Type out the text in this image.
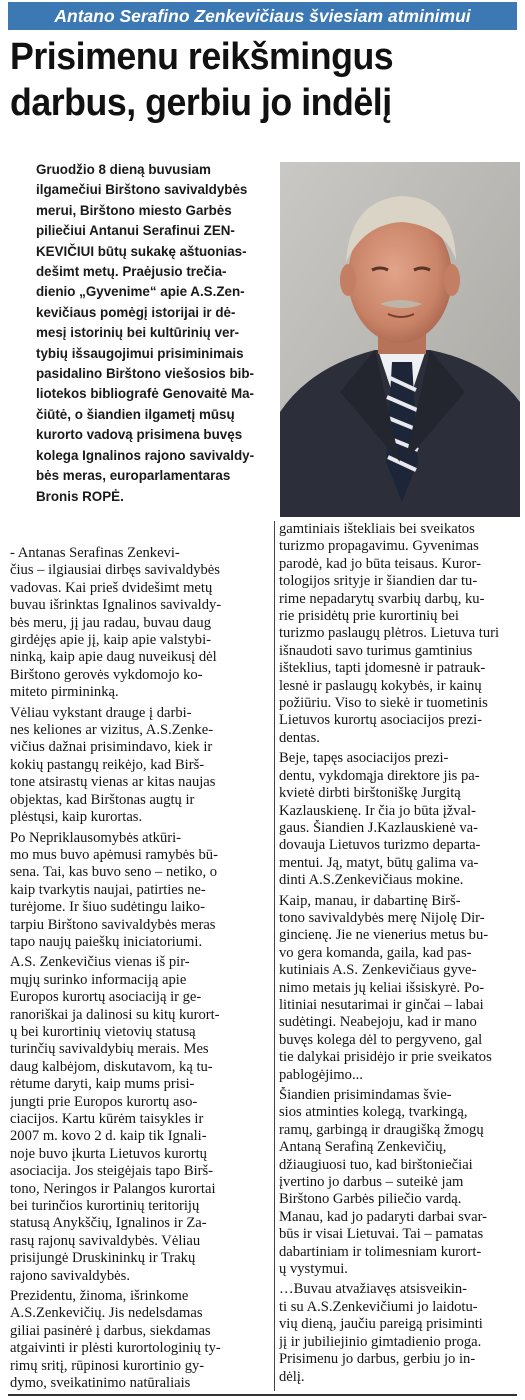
Antano Serafino Zenkevičiaus šviesiam atminimui
Prisimenu reikšmingus
darbus, gerbiu jo indėlį
Gruodžio 8 dieną buvusiam
ilgamečiui Birštono savivaldybės
merui, Birštono miesto Garbės
piliečiui Antanui Serafinui ZEN-
KEVIČIUI būtų sukakę aštuonias-
dešimt metų. Praėjusio trečia-
dienio „Gyvenime“ apie A.S.Zen-
kevičiaus pomėgį istorijai ir dė-
mesį istorinių bei kultūrinių ver-
tybių išsaugojimui prisiminimais
pasidalino Birštono viešosios bib-
liotekos bibliografė Genovaitė Ma-
čiūtė, o šiandien ilgametį mūsų
kurorto vadovą prisimena buvęs
kolega Ignalinos rajono savivaldy-
bės meras, europarlamentaras
Bronis ROPĖ.
- Antanas Serafinas Zenkevi-
čius – ilgiausiai dirbęs savivaldybės
vadovas. Kai prieš dvidešimt metų
buvau išrinktas Ignalinos savivaldy-
bės meru, jį jau radau, buvau daug
girdėjęs apie jį, kaip apie valstybi-
ninką, kaip apie daug nuveikusį dėl
Birštono gerovės vykdomojo ko-
miteto pirmininką.
Vėliau vykstant drauge į darbi-
nes keliones ar vizitus, A.S.Zenke-
vičius dažnai prisimindavo, kiek ir
kokių pastangų reikėjo, kad Birš-
tone atsirastų vienas ar kitas naujas
objektas, kad Birštonas augtų ir
plėstųsi, kaip kurortas.
Po Nepriklausomybės atkūri-
mo mus buvo apėmusi ramybės bū-
sena. Tai, kas buvo seno – netiko, o
kaip tvarkytis naujai, patirties ne-
turėjome. Ir šiuo sudėtingu laiko-
tarpiu Birštono savivaldybės meras
tapo naujų paieškų iniciatoriumi.
A.S. Zenkevičius vienas iš pir-
mųjų surinko informaciją apie
Europos kurortų asociaciją ir ge-
ranoriškai ja dalinosi su kitų kurort-
ų bei kurortinių vietovių statusą
turinčių savivaldybių merais. Mes
daug kalbėjom, diskutavom, ką tu-
rėtume daryti, kaip mums prisi-
jungti prie Europos kurortų aso-
ciacijos. Kartu kūrėm taisykles ir
2007 m. kovo 2 d. kaip tik Ignali-
noje buvo įkurta Lietuvos kurortų
asociacija. Jos steigėjais tapo Birš-
tono, Neringos ir Palangos kurortai
bei turinčios kurortinių teritorijų
statusą Anykščių, Ignalinos ir Za-
rasų rajonų savivaldybės. Vėliau
prisijungė Druskininkų ir Trakų
rajono savivaldybės.
Prezidentu, žinoma, išrinkome
A.S.Zenkevičių. Jis nedelsdamas
giliai pasinėrė į darbus, siekdamas
atgaivinti ir plėsti kurortologinių ty-
rimų sritį, rūpinosi kurortinio gy-
dymo, sveikatinimo natūraliais
gamtiniais ištekliais bei sveikatos
turizmo propagavimu. Gyvenimas
parodė, kad jo būta teisaus. Kuror-
tologijos srityje ir šiandien dar tu-
rime nepadarytų svarbių darbų, ku-
rie prisidėtų prie kurortinių bei
turizmo paslaugų plėtros. Lietuva turi
išnaudoti savo turimus gamtinius
išteklius, tapti įdomesnė ir patrauk-
lesnė ir paslaugų kokybės, ir kainų
požiūriu. Viso to siekė ir tuometinis
Lietuvos kurortų asociacijos prezi-
dentas.
Beje, tapęs asociacijos prezi-
dentu, vykdomąja direktore jis pa-
kvietė dirbti birštoniškę Jurgitą
Kazlauskienę. Ir čia jo būta įžval-
gaus. Šiandien J.Kazlauskienė va-
dovauja Lietuvos turizmo departa-
mentui. Ją, matyt, būtų galima va-
dinti A.S.Zenkevičiaus mokine.
Kaip, manau, ir dabartinę Birš-
tono savivaldybės merę Nijolę Dir-
gincienę. Jie ne vienerius metus bu-
vo gera komanda, gaila, kad pas-
kutiniais A.S. Zenkevičiaus gyve-
nimo metais jų keliai išsiskyrė. Po-
litiniai nesutarimai ir ginčai – labai
sudėtingi. Neabejoju, kad ir mano
buvęs kolega dėl to pergyveno, gal
tie dalykai prisidėjo ir prie sveikatos
pablogėjimo...
Šiandien prisimindamas švie-
sios atminties kolegą, tvarkingą,
ramų, garbingą ir draugišką žmogų
Antaną Serafiną Zenkevičių,
džiaugiuosi tuo, kad birštoniečiai
įvertino jo darbus – suteikė jam
Birštono Garbės piliečio vardą.
Manau, kad jo padaryti darbai svar-
būs ir visai Lietuvai. Tai – pamatas
dabartiniam ir tolimesniam kurort-
ų vystymui.
…Buvau atvažiavęs atsisveikin-
ti su A.S.Zenkevičiumi jo laidotu-
vių dieną, jaučiu pareigą prisiminti
jį ir jubiliejinio gimtadienio proga.
Prisimenu jo darbus, gerbiu jo in-
dėlį.
